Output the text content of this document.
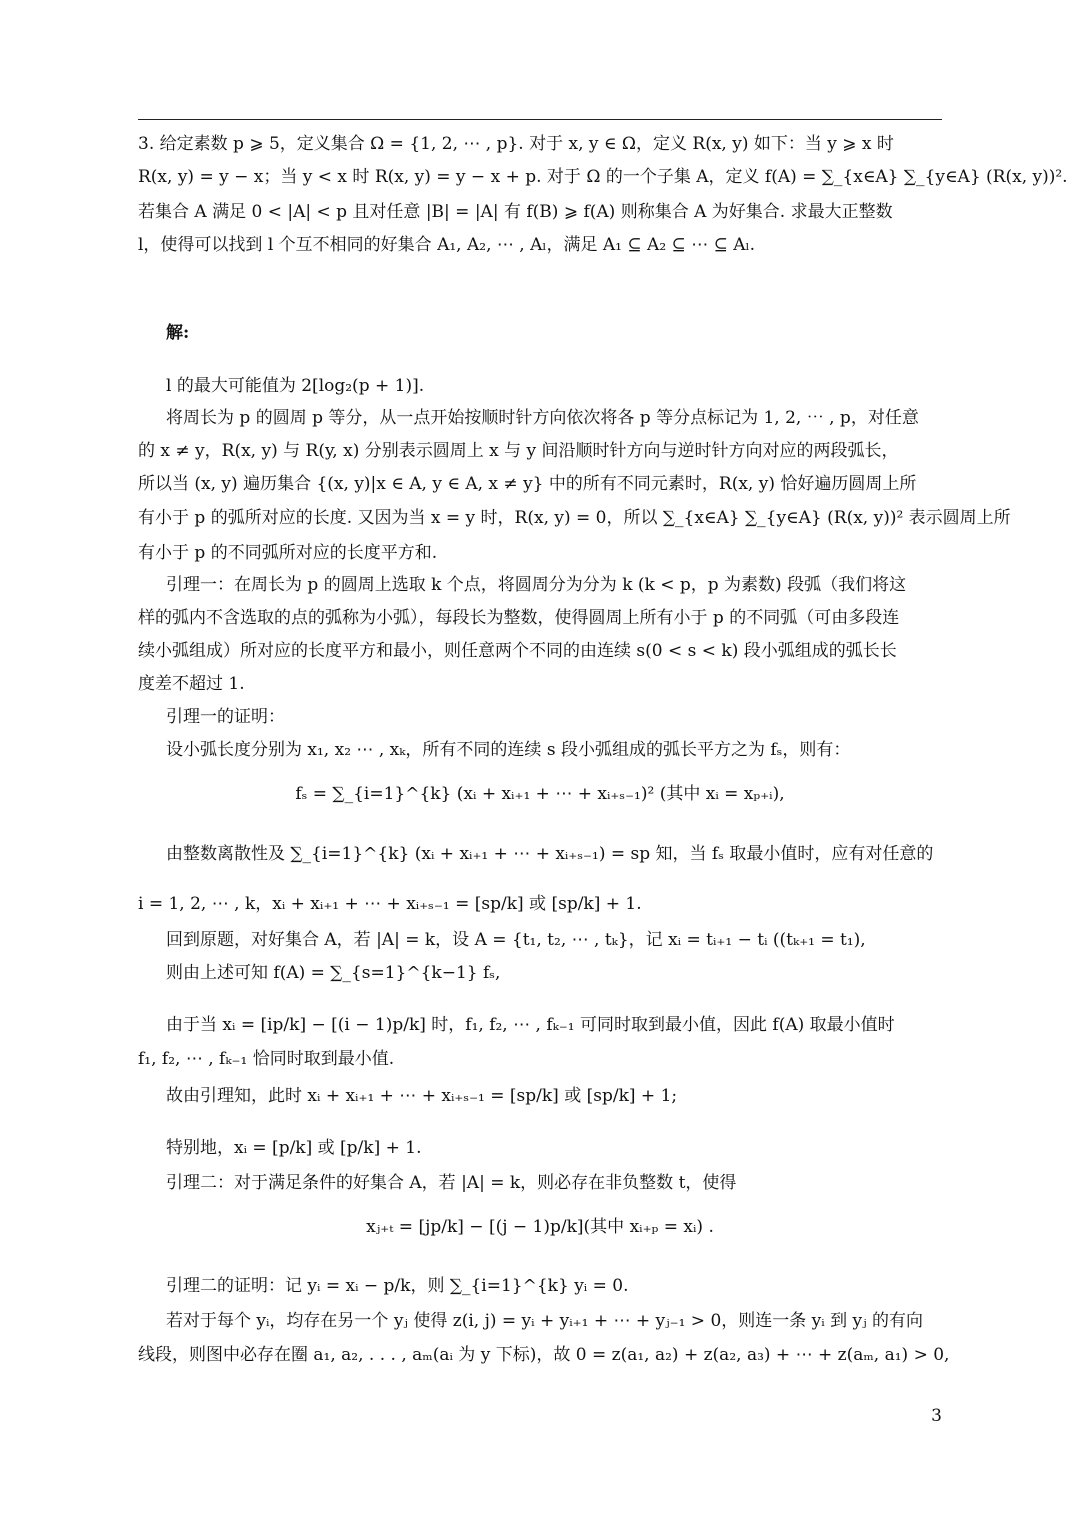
3. 给定素数 p ⩾ 5，定义集合 Ω = {1, 2, ⋯ , p}. 对于 x, y ∈ Ω，定义 R(x, y) 如下：当 y ⩾ x 时
R(x, y) = y − x；当 y < x 时 R(x, y) = y − x + p. 对于 Ω 的一个子集 A，定义 f(A) = ∑_{x∈A} ∑_{y∈A} (R(x, y))².
若集合 A 满足 0 < |A| < p 且对任意 |B| = |A| 有 f(B) ⩾ f(A) 则称集合 A 为好集合. 求最大正整数
l，使得可以找到 l 个互不相同的好集合 A₁, A₂, ⋯ , Aₗ，满足 A₁ ⊆ A₂ ⊆ ⋯ ⊆ Aₗ.
解:
l 的最大可能值为 2[log₂(p + 1)].
将周长为 p 的圆周 p 等分，从一点开始按顺时针方向依次将各 p 等分点标记为 1, 2, ⋯ , p，对任意
的 x ≠ y，R(x, y) 与 R(y, x) 分别表示圆周上 x 与 y 间沿顺时针方向与逆时针方向对应的两段弧长，
所以当 (x, y) 遍历集合 {(x, y)|x ∈ A, y ∈ A, x ≠ y} 中的所有不同元素时，R(x, y) 恰好遍历圆周上所
有小于 p 的弧所对应的长度. 又因为当 x = y 时，R(x, y) = 0，所以 ∑_{x∈A} ∑_{y∈A} (R(x, y))² 表示圆周上所
有小于 p 的不同弧所对应的长度平方和.
引理一：在周长为 p 的圆周上选取 k 个点，将圆周分为分为 k (k < p，p 为素数) 段弧（我们将这
样的弧内不含选取的点的弧称为小弧），每段长为整数，使得圆周上所有小于 p 的不同弧（可由多段连
续小弧组成）所对应的长度平方和最小，则任意两个不同的由连续 s(0 < s < k) 段小弧组成的弧长长
度差不超过 1.
引理一的证明：
设小弧长度分别为 x₁, x₂ ⋯ , xₖ，所有不同的连续 s 段小弧组成的弧长平方之为 fₛ，则有：
fₛ = ∑_{i=1}^{k} (xᵢ + xᵢ₊₁ + ⋯ + xᵢ₊ₛ₋₁)² (其中 xᵢ = xₚ₊ᵢ),
由整数离散性及 ∑_{i=1}^{k} (xᵢ + xᵢ₊₁ + ⋯ + xᵢ₊ₛ₋₁) = sp 知，当 fₛ 取最小值时，应有对任意的
i = 1, 2, ⋯ , k，xᵢ + xᵢ₊₁ + ⋯ + xᵢ₊ₛ₋₁ = [sp/k] 或 [sp/k] + 1.
回到原题，对好集合 A，若 |A| = k，设 A = {t₁, t₂, ⋯ , tₖ}，记 xᵢ = tᵢ₊₁ − tᵢ ((tₖ₊₁ = t₁),
则由上述可知 f(A) = ∑_{s=1}^{k−1} fₛ,
由于当 xᵢ = [ip/k] − [(i − 1)p/k] 时，f₁, f₂, ⋯ , fₖ₋₁ 可同时取到最小值，因此 f(A) 取最小值时
f₁, f₂, ⋯ , fₖ₋₁ 恰同时取到最小值.
故由引理知，此时 xᵢ + xᵢ₊₁ + ⋯ + xᵢ₊ₛ₋₁ = [sp/k] 或 [sp/k] + 1;
特别地，xᵢ = [p/k] 或 [p/k] + 1.
引理二：对于满足条件的好集合 A，若 |A| = k，则必存在非负整数 t，使得
xⱼ₊ₜ = [jp/k] − [(j − 1)p/k](其中 xᵢ₊ₚ = xᵢ) .
引理二的证明：记 yᵢ = xᵢ − p/k，则 ∑_{i=1}^{k} yᵢ = 0.
若对于每个 yᵢ，均存在另一个 yⱼ 使得 z(i, j) = yᵢ + yᵢ₊₁ + ⋯ + yⱼ₋₁ > 0，则连一条 yᵢ 到 yⱼ 的有向
线段，则图中必存在圈 a₁, a₂, . . . , aₘ(aᵢ 为 y 下标)，故 0 = z(a₁, a₂) + z(a₂, a₃) + ⋯ + z(aₘ, a₁) > 0,
3
